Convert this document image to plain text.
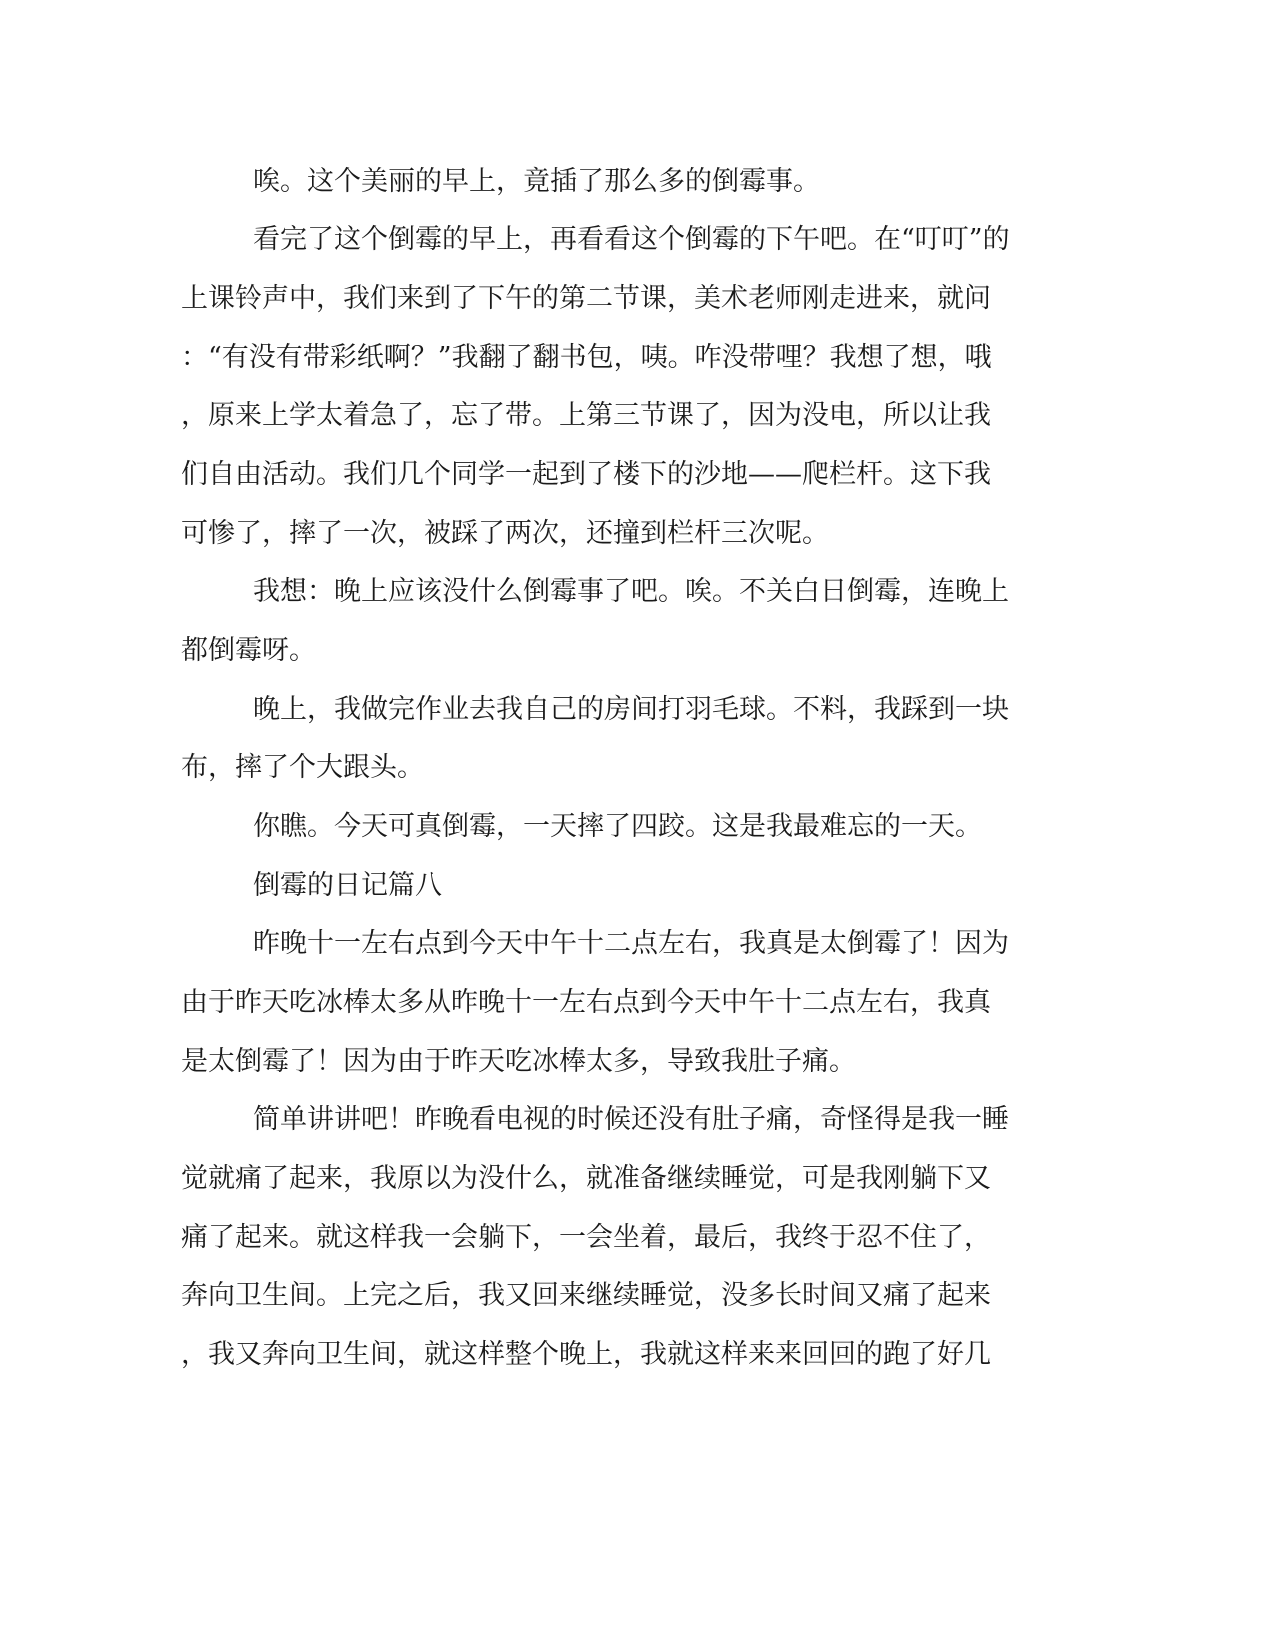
唉。这个美丽的早上，竟插了那么多的倒霉事。
看完了这个倒霉的早上，再看看这个倒霉的下午吧。在“叮叮”的
上课铃声中，我们来到了下午的第二节课，美术老师刚走进来，就问
：“有没有带彩纸啊？”我翻了翻书包，咦。咋没带哩？我想了想，哦
，原来上学太着急了，忘了带。上第三节课了，因为没电，所以让我
们自由活动。我们几个同学一起到了楼下的沙地——爬栏杆。这下我
可惨了，摔了一次，被踩了两次，还撞到栏杆三次呢。
我想：晚上应该没什么倒霉事了吧。唉。不关白日倒霉，连晚上
都倒霉呀。
晚上，我做完作业去我自己的房间打羽毛球。不料，我踩到一块
布，摔了个大跟头。
你瞧。今天可真倒霉，一天摔了四跤。这是我最难忘的一天。
倒霉的日记篇八
昨晚十一左右点到今天中午十二点左右，我真是太倒霉了！因为
由于昨天吃冰棒太多从昨晚十一左右点到今天中午十二点左右，我真
是太倒霉了！因为由于昨天吃冰棒太多，导致我肚子痛。
简单讲讲吧！昨晚看电视的时候还没有肚子痛，奇怪得是我一睡
觉就痛了起来，我原以为没什么，就准备继续睡觉，可是我刚躺下又
痛了起来。就这样我一会躺下，一会坐着，最后，我终于忍不住了，
奔向卫生间。上完之后，我又回来继续睡觉，没多长时间又痛了起来
，我又奔向卫生间，就这样整个晚上，我就这样来来回回的跑了好几
